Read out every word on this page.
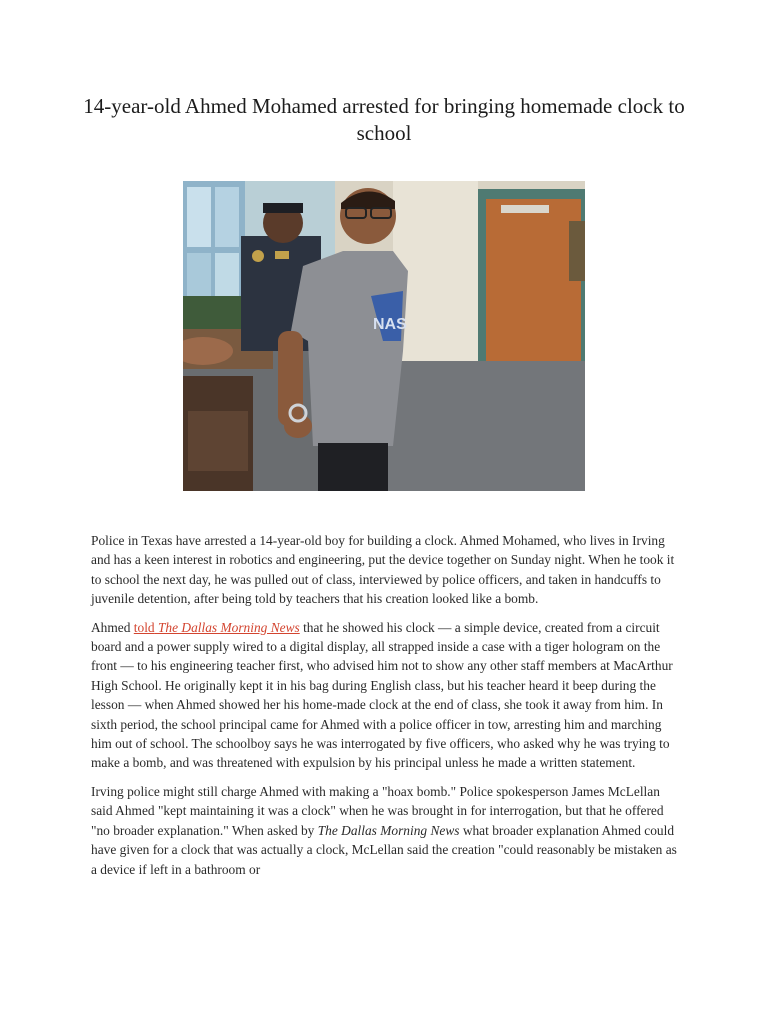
14-year-old Ahmed Mohamed arrested for bringing homemade clock to school
NAS

Police in Texas have arrested a 14-year-old boy for building a clock. Ahmed Mohamed, who lives in Irving and has a keen interest in robotics and engineering, put the device together on Sunday night. When he took it to school the next day, he was pulled out of class, interviewed by police officers, and taken in handcuffs to juvenile detention, after being told by teachers that his creation looked like a bomb.

Ahmed told The Dallas Morning News that he showed his clock — a simple device, created from a circuit board and a power supply wired to a digital display, all strapped inside a case with a tiger hologram on the front — to his engineering teacher first, who advised him not to show any other staff members at MacArthur High School. He originally kept it in his bag during English class, but his teacher heard it beep during the lesson — when Ahmed showed her his home-made clock at the end of class, she took it away from him. In sixth period, the school principal came for Ahmed with a police officer in tow, arresting him and marching him out of school. The schoolboy says he was interrogated by five officers, who asked why he was trying to make a bomb, and was threatened with expulsion by his principal unless he made a written statement.

Irving police might still charge Ahmed with making a "hoax bomb." Police spokesperson James McLellan said Ahmed "kept maintaining it was a clock" when he was brought in for interrogation, but that he offered "no broader explanation." When asked by The Dallas Morning News what broader explanation Ahmed could have given for a clock that was actually a clock, McLellan said the creation "could reasonably be mistaken as a device if left in a bathroom or
